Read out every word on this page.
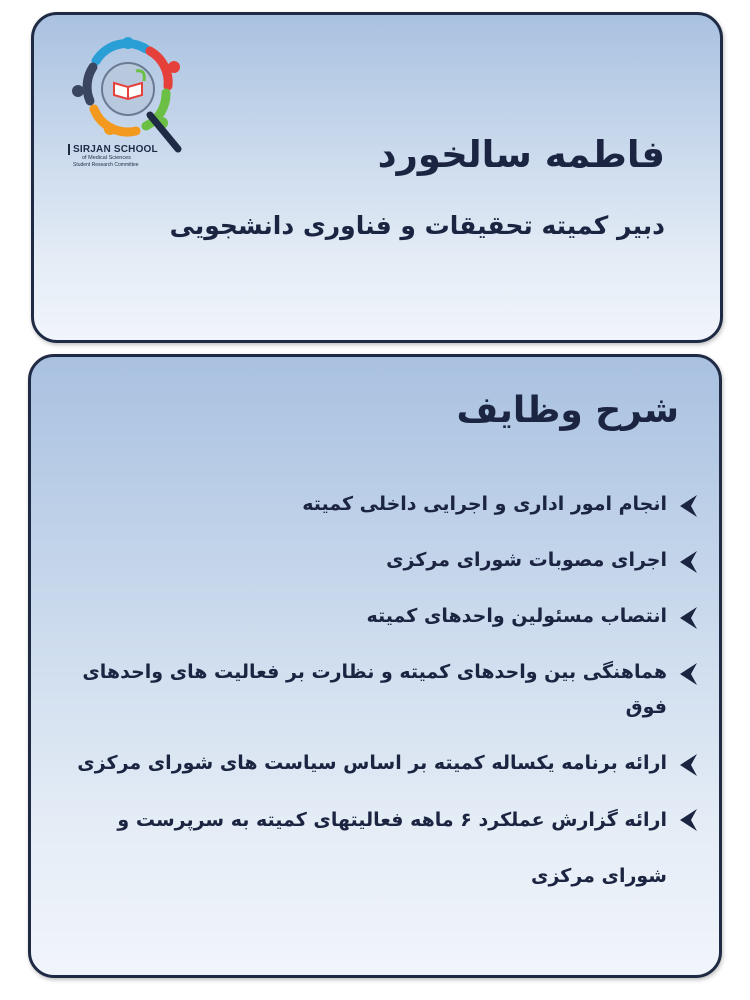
SIRJAN SCHOOL
of Medical Sciences
Student Research Committee	فاطمه سالخورد
دبیر کمیته تحقیقات و فناوری دانشجویی
شرح وظایف
انجام امور اداری و اجرایی داخلی کمیته
اجرای مصوبات شورای مرکزی
انتصاب مسئولین واحدهای کمیته
هماهنگی بین واحدهای کمیته و نظارت بر فعالیت های واحدهای فوق
ارائه برنامه یکساله کمیته بر اساس سیاست های شورای مرکزی
ارائه گزارش عملکرد ۶ ماهه فعالیتهای کمیته به سرپرست و شورای مرکزی
